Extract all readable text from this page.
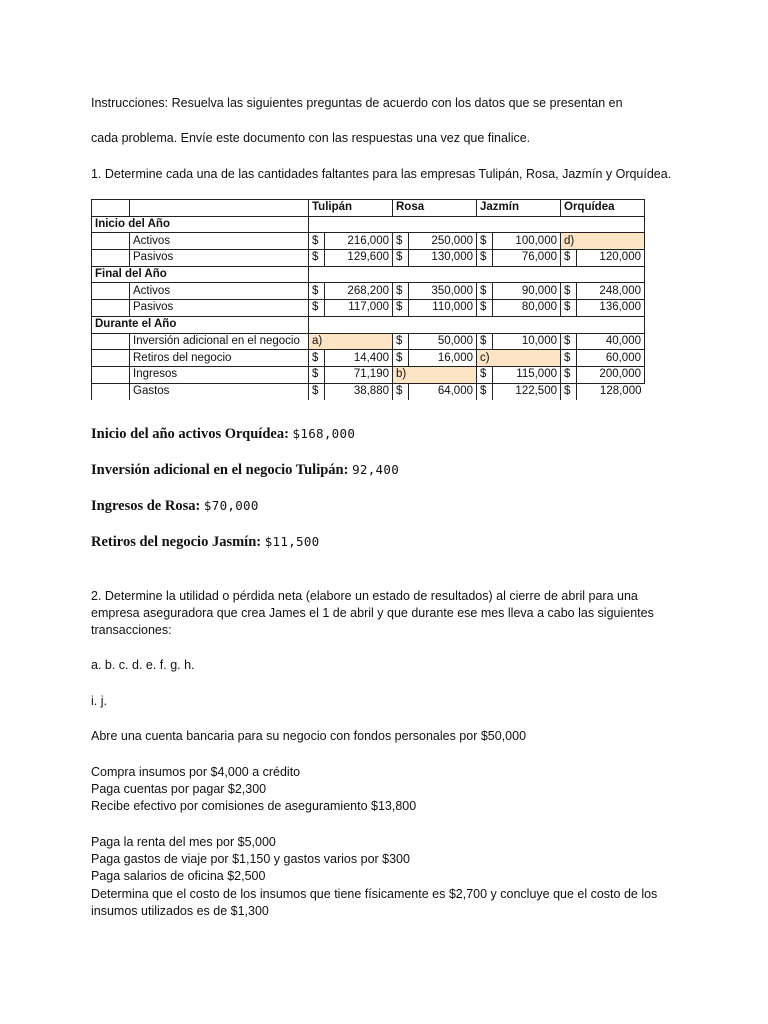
Instrucciones: Resuelva las siguientes preguntas de acuerdo con los datos que se presentan en

cada problema. Envíe este documento con las respuestas una vez que finalice.

1. Determine cada una de las cantidades faltantes para las empresas Tulipán, Rosa, Jazmín y Orquídea.

		Tulipán		Rosa		Jazmín		Orquídea	
Inicio del Año									
	Activos	$	216,000	$	250,000	$	100,000	d)	
	Pasivos	$	129,600	$	130,000	$	76,000	$	120,000
Final del Año									
	Activos	$	268,200	$	350,000	$	90,000	$	248,000
	Pasivos	$	117,000	$	110,000	$	80,000	$	136,000
Durante el Año									
	Inversión adicional en el negocio	a)		$	50,000	$	10,000	$	40,000
	Retiros del negocio	$	14,400	$	16,000	c)		$	60,000
	Ingresos	$	71,190	b)		$	115,000	$	200,000
	Gastos	$	38,880	$	64,000	$	122,500	$	128,000

Inicio del año activos Orquídea: $168,000

Inversión adicional en el negocio Tulipán: 92,400

Ingresos de Rosa: $70,000

Retiros del negocio Jasmín: $11,500

2. Determine la utilidad o pérdida neta (elabore un estado de resultados) al cierre de abril para una

empresa aseguradora que crea James el 1 de abril y que durante ese mes lleva a cabo las siguientes

transacciones:

a. b. c. d. e. f. g. h.

i. j.

Abre una cuenta bancaria para su negocio con fondos personales por $50,000

Compra insumos por $4,000 a crédito

Paga cuentas por pagar $2,300

Recibe efectivo por comisiones de aseguramiento $13,800

Paga la renta del mes por $5,000

Paga gastos de viaje por $1,150 y gastos varios por $300

Paga salarios de oficina $2,500

Determina que el costo de los insumos que tiene físicamente es $2,700 y concluye que el costo de los

insumos utilizados es de $1,300
